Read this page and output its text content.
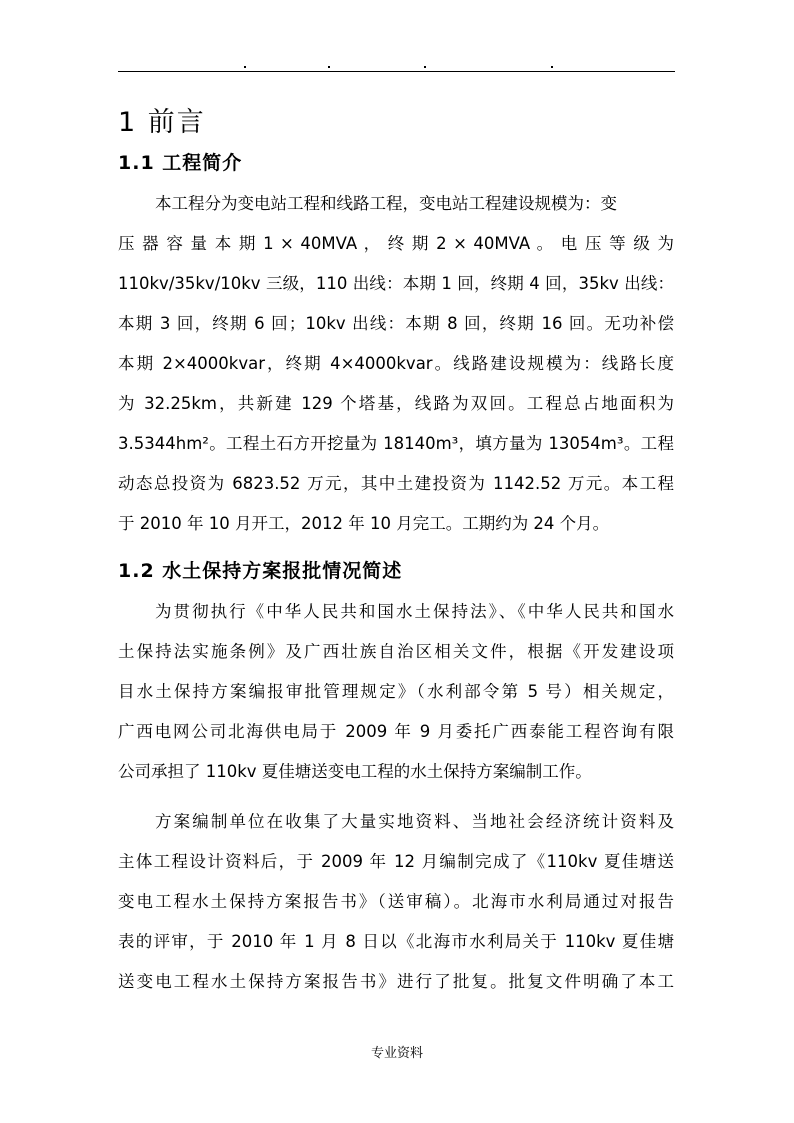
1 前言
1.1 工程简介
本工程分为变电站工程和线路工程，变电站工程建设规模为：变
压 器 容 量 本 期 1 × 40MVA ， 终 期 2 × 40MVA 。 电 压 等 级 为
110kv/35kv/10kv 三级，110 出线：本期 1 回，终期 4 回，35kv 出线：
本期 3 回，终期 6 回；10kv 出线：本期 8 回，终期 16 回。无功补偿
本期 2×4000kvar，终期 4×4000kvar。线路建设规模为：线路长度
为 32.25km，共新建 129 个塔基，线路为双回。工程总占地面积为
3.5344hm²。工程土石方开挖量为 18140m³，填方量为 13054m³。工程
动态总投资为 6823.52 万元，其中土建投资为 1142.52 万元。本工程
于 2010 年 10 月开工，2012 年 10 月完工。工期约为 24 个月。
1.2 水土保持方案报批情况简述
为贯彻执行《中华人民共和国水土保持法》、《中华人民共和国水
土保持法实施条例》及广西壮族自治区相关文件，根据《开发建设项
目水土保持方案编报审批管理规定》（水利部令第 5 号）相关规定，
广西电网公司北海供电局于 2009 年 9 月委托广西泰能工程咨询有限
公司承担了 110kv 夏佳塘送变电工程的水土保持方案编制工作。
方案编制单位在收集了大量实地资料、当地社会经济统计资料及
主体工程设计资料后，于 2009 年 12 月编制完成了《110kv 夏佳塘送
变电工程水土保持方案报告书》（送审稿）。北海市水利局通过对报告
表的评审，于 2010 年 1 月 8 日以《北海市水利局关于 110kv 夏佳塘
送变电工程水土保持方案报告书》进行了批复。批复文件明确了本工
专业资料
